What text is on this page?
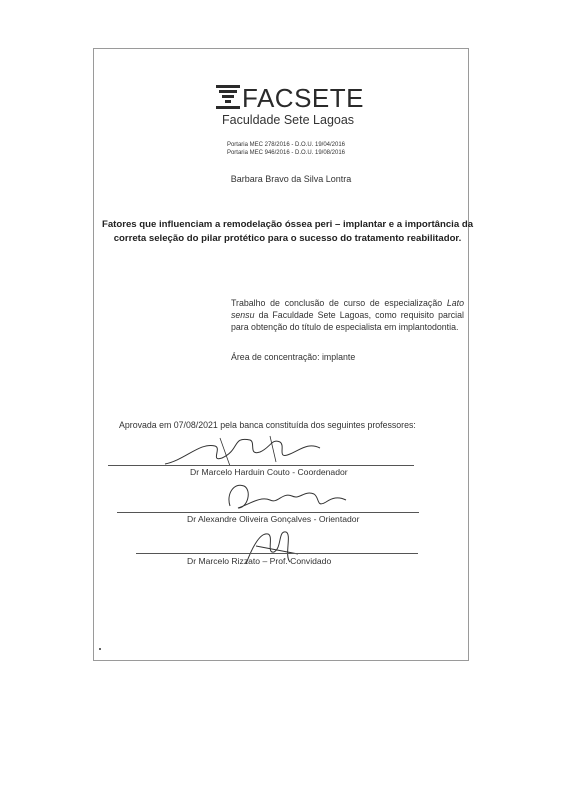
FACSETE
Faculdade Sete Lagoas
Portaria MEC 278/2016 - D.O.U. 19/04/2016
Portaria MEC 946/2016 - D.O.U. 19/08/2016
Barbara Bravo da Silva Lontra
Fatores que influenciam a remodelação óssea peri – implantar e a importância da correta seleção do pilar protético para o sucesso do tratamento reabilitador.
Trabalho de conclusão de curso de especialização Lato sensu da Faculdade Sete Lagoas, como requisito parcial para obtenção do título de especialista em implantodontia.
Área de concentração: implante
Aprovada em 07/08/2021 pela banca constituída dos seguintes professores:
Dr Marcelo Harduin Couto - Coordenador
Dr Alexandre Oliveira Gonçalves - Orientador
Dr Marcelo Rizzato – Prof. Convidado
